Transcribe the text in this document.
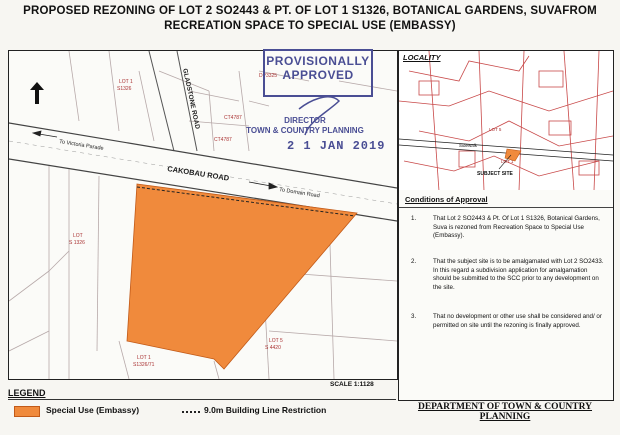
PROPOSED REZONING OF LOT 2 SO2443 & PT. OF LOT 1 S1326, BOTANICAL GARDENS, SUVAFROM
RECREATION SPACE TO SPECIAL USE (EMBASSY)
GLADSTONE ROAD
CAKOBAU ROAD
To Victoria Parade
To Domain Road
DP3325
LOT 1
S1326
CT4787
CT4787
LOT
S 1326
LOT 1
S1326/71
LOT 5
S 4420
PROVISIONALLY
APPROVED
DIRECTOR
TOWN & COUNTRY PLANNING
2 1 JAN 2019
SCALE 1:1128
LEGEND
Special Use (Embassy)	9.0m Building Line Restriction
SUBJECT SITE
Sidewalk
LOT 5
LOT 1
LOCALITY
Conditions of Approval
1.	That Lot 2 SO2443 & Pt. Of Lot 1 S1326, Botanical Gardens, Suva is rezoned from Recreation Space to Special Use (Embassy).
2.	That the subject site is to be amalgamated with Lot 2 SO2433. In this regard a subdivision application for amalgamation should be submitted to the SCC prior to any development on the site.
3.	That no development or other use shall be considered and/ or permitted on site until the rezoning is finally approved.
DEPARTMENT OF TOWN & COUNTRY PLANNING
